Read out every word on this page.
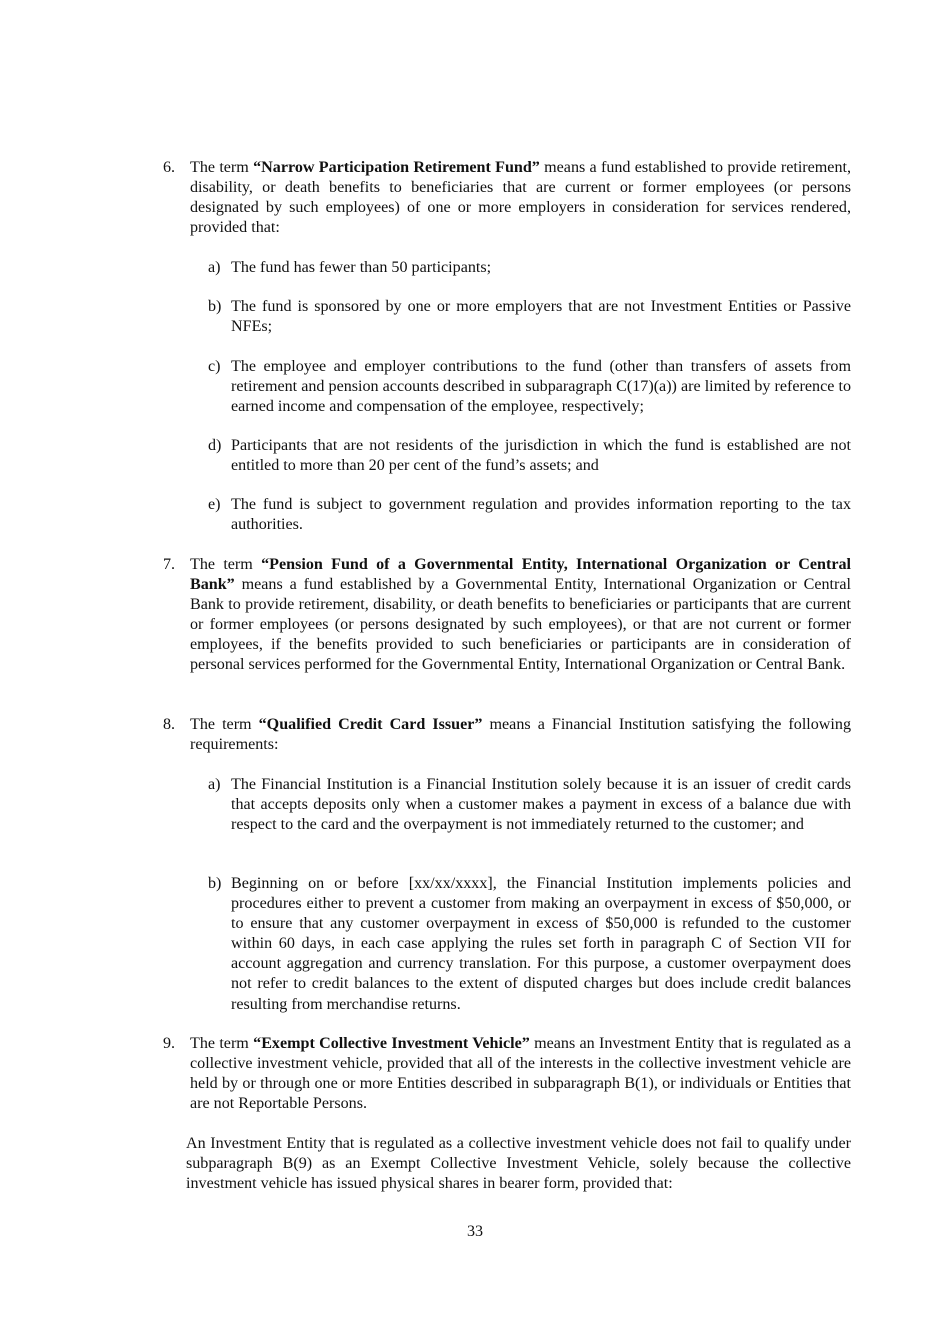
6. The term “Narrow Participation Retirement Fund” means a fund established to provide retirement, disability, or death benefits to beneficiaries that are current or former employees (or persons designated by such employees) of one or more employers in consideration for services rendered, provided that:
a) The fund has fewer than 50 participants;
b) The fund is sponsored by one or more employers that are not Investment Entities or Passive NFEs;
c) The employee and employer contributions to the fund (other than transfers of assets from retirement and pension accounts described in subparagraph C(17)(a)) are limited by reference to earned income and compensation of the employee, respectively;
d) Participants that are not residents of the jurisdiction in which the fund is established are not entitled to more than 20 per cent of the fund’s assets; and
e) The fund is subject to government regulation and provides information reporting to the tax authorities.
7. The term “Pension Fund of a Governmental Entity, International Organization or Central Bank” means a fund established by a Governmental Entity, International Organization or Central Bank to provide retirement, disability, or death benefits to beneficiaries or participants that are current or former employees (or persons designated by such employees), or that are not current or former employees, if the benefits provided to such beneficiaries or participants are in consideration of personal services performed for the Governmental Entity, International Organization or Central Bank.
8. The term “Qualified Credit Card Issuer” means a Financial Institution satisfying the following requirements:
a) The Financial Institution is a Financial Institution solely because it is an issuer of credit cards that accepts deposits only when a customer makes a payment in excess of a balance due with respect to the card and the overpayment is not immediately returned to the customer; and
b) Beginning on or before [xx/xx/xxxx], the Financial Institution implements policies and procedures either to prevent a customer from making an overpayment in excess of $50,000, or to ensure that any customer overpayment in excess of $50,000 is refunded to the customer within 60 days, in each case applying the rules set forth in paragraph C of Section VII for account aggregation and currency translation. For this purpose, a customer overpayment does not refer to credit balances to the extent of disputed charges but does include credit balances resulting from merchandise returns.
9. The term “Exempt Collective Investment Vehicle” means an Investment Entity that is regulated as a collective investment vehicle, provided that all of the interests in the collective investment vehicle are held by or through one or more Entities described in subparagraph B(1), or individuals or Entities that are not Reportable Persons.
An Investment Entity that is regulated as a collective investment vehicle does not fail to qualify under subparagraph B(9) as an Exempt Collective Investment Vehicle, solely because the collective investment vehicle has issued physical shares in bearer form, provided that:
33
